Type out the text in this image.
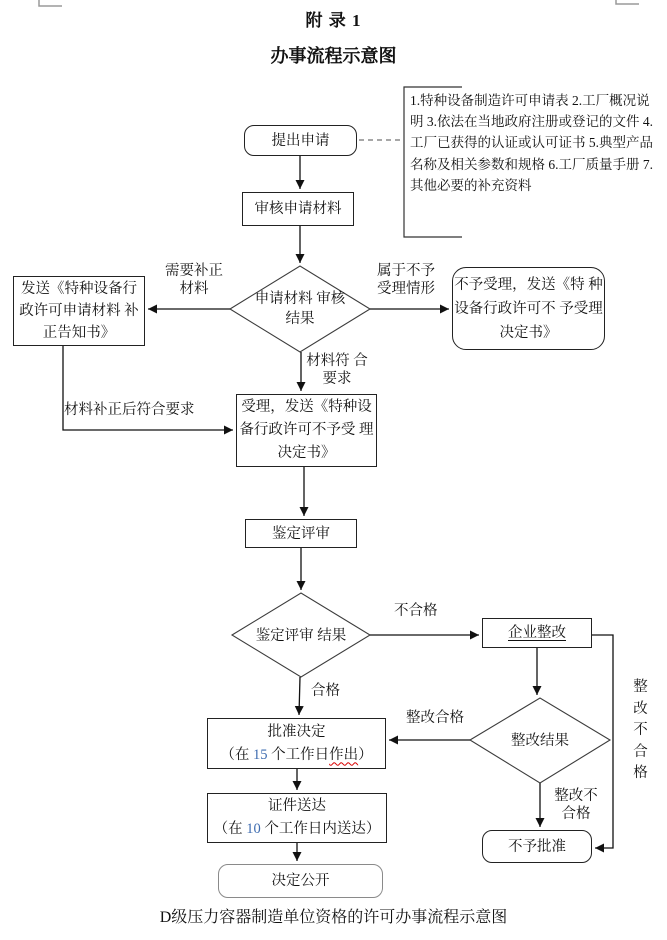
附 录 1
办事流程示意图
1.特种设备制造许可申请表 2.工厂概况说明 3.依法在当地政府注册或登记的文件 4.工厂已获得的认证或认可证书 5.典型产品名称及相关参数和规格 6.工厂质量手册 7.其他必要的补充资料
提出申请
审核申请材料
发送《特种设备行 政许可申请材料 补正告知书》
不予受理，发送《特 种设备行政许可不 予受理决定书》
受理，发送《特种设 备行政许可不予受 理决定书》
鉴定评审
企业整改
批准决定
（在 15 个工作日作出）
证件送达
（在 10 个工作日内送达）
决定公开
不予批准
申请材料 审核结果
鉴定评审 结果
整改结果
需要补正 材料
属于不予 受理情形
材料符 合要求
材料补正后符合要求
不合格
合格
整改合格
整改不 合格
整改不合格
D级压力容器制造单位资格的许可办事流程示意图
